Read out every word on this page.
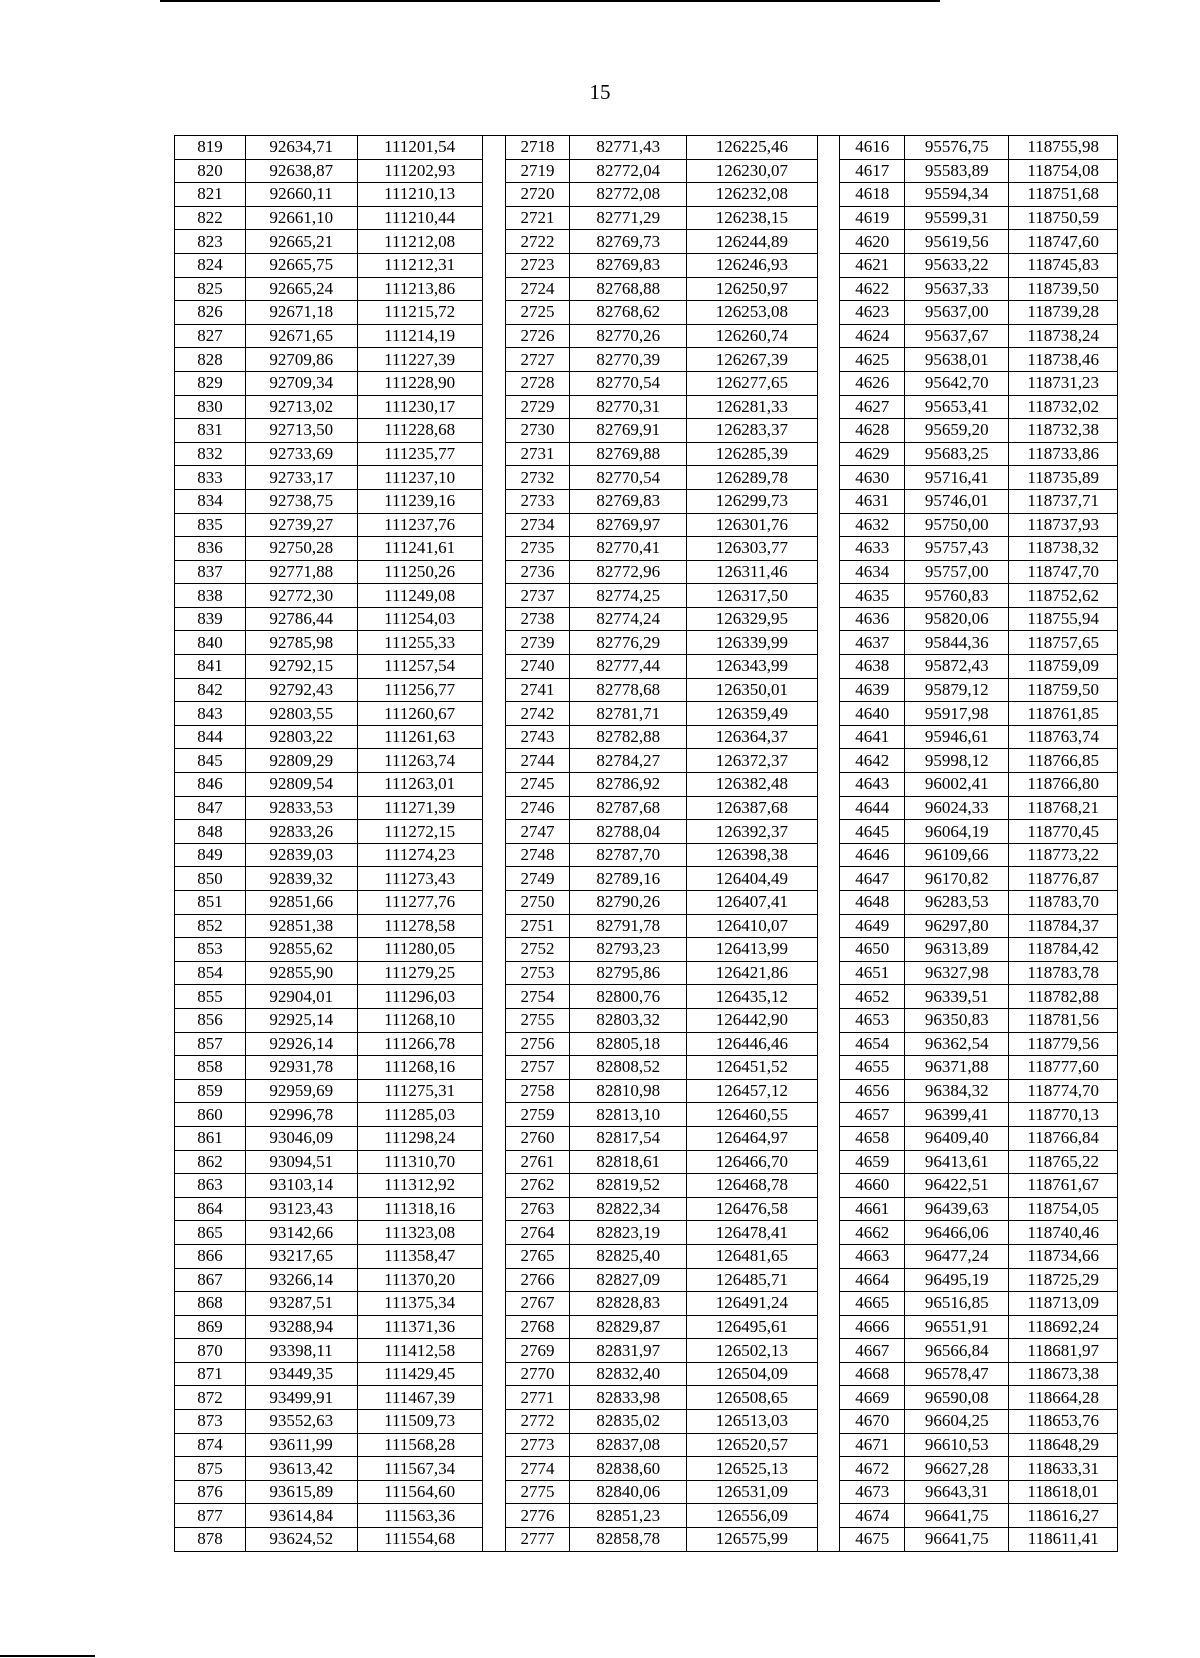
15
819	92634,71	111201,54		2718	82771,43	126225,46		4616	95576,75	118755,98
820	92638,87	111202,93		2719	82772,04	126230,07		4617	95583,89	118754,08
821	92660,11	111210,13		2720	82772,08	126232,08		4618	95594,34	118751,68
822	92661,10	111210,44		2721	82771,29	126238,15		4619	95599,31	118750,59
823	92665,21	111212,08		2722	82769,73	126244,89		4620	95619,56	118747,60
824	92665,75	111212,31		2723	82769,83	126246,93		4621	95633,22	118745,83
825	92665,24	111213,86		2724	82768,88	126250,97		4622	95637,33	118739,50
826	92671,18	111215,72		2725	82768,62	126253,08		4623	95637,00	118739,28
827	92671,65	111214,19		2726	82770,26	126260,74		4624	95637,67	118738,24
828	92709,86	111227,39		2727	82770,39	126267,39		4625	95638,01	118738,46
829	92709,34	111228,90		2728	82770,54	126277,65		4626	95642,70	118731,23
830	92713,02	111230,17		2729	82770,31	126281,33		4627	95653,41	118732,02
831	92713,50	111228,68		2730	82769,91	126283,37		4628	95659,20	118732,38
832	92733,69	111235,77		2731	82769,88	126285,39		4629	95683,25	118733,86
833	92733,17	111237,10		2732	82770,54	126289,78		4630	95716,41	118735,89
834	92738,75	111239,16		2733	82769,83	126299,73		4631	95746,01	118737,71
835	92739,27	111237,76		2734	82769,97	126301,76		4632	95750,00	118737,93
836	92750,28	111241,61		2735	82770,41	126303,77		4633	95757,43	118738,32
837	92771,88	111250,26		2736	82772,96	126311,46		4634	95757,00	118747,70
838	92772,30	111249,08		2737	82774,25	126317,50		4635	95760,83	118752,62
839	92786,44	111254,03		2738	82774,24	126329,95		4636	95820,06	118755,94
840	92785,98	111255,33		2739	82776,29	126339,99		4637	95844,36	118757,65
841	92792,15	111257,54		2740	82777,44	126343,99		4638	95872,43	118759,09
842	92792,43	111256,77		2741	82778,68	126350,01		4639	95879,12	118759,50
843	92803,55	111260,67		2742	82781,71	126359,49		4640	95917,98	118761,85
844	92803,22	111261,63		2743	82782,88	126364,37		4641	95946,61	118763,74
845	92809,29	111263,74		2744	82784,27	126372,37		4642	95998,12	118766,85
846	92809,54	111263,01		2745	82786,92	126382,48		4643	96002,41	118766,80
847	92833,53	111271,39		2746	82787,68	126387,68		4644	96024,33	118768,21
848	92833,26	111272,15		2747	82788,04	126392,37		4645	96064,19	118770,45
849	92839,03	111274,23		2748	82787,70	126398,38		4646	96109,66	118773,22
850	92839,32	111273,43		2749	82789,16	126404,49		4647	96170,82	118776,87
851	92851,66	111277,76		2750	82790,26	126407,41		4648	96283,53	118783,70
852	92851,38	111278,58		2751	82791,78	126410,07		4649	96297,80	118784,37
853	92855,62	111280,05		2752	82793,23	126413,99		4650	96313,89	118784,42
854	92855,90	111279,25		2753	82795,86	126421,86		4651	96327,98	118783,78
855	92904,01	111296,03		2754	82800,76	126435,12		4652	96339,51	118782,88
856	92925,14	111268,10		2755	82803,32	126442,90		4653	96350,83	118781,56
857	92926,14	111266,78		2756	82805,18	126446,46		4654	96362,54	118779,56
858	92931,78	111268,16		2757	82808,52	126451,52		4655	96371,88	118777,60
859	92959,69	111275,31		2758	82810,98	126457,12		4656	96384,32	118774,70
860	92996,78	111285,03		2759	82813,10	126460,55		4657	96399,41	118770,13
861	93046,09	111298,24		2760	82817,54	126464,97		4658	96409,40	118766,84
862	93094,51	111310,70		2761	82818,61	126466,70		4659	96413,61	118765,22
863	93103,14	111312,92		2762	82819,52	126468,78		4660	96422,51	118761,67
864	93123,43	111318,16		2763	82822,34	126476,58		4661	96439,63	118754,05
865	93142,66	111323,08		2764	82823,19	126478,41		4662	96466,06	118740,46
866	93217,65	111358,47		2765	82825,40	126481,65		4663	96477,24	118734,66
867	93266,14	111370,20		2766	82827,09	126485,71		4664	96495,19	118725,29
868	93287,51	111375,34		2767	82828,83	126491,24		4665	96516,85	118713,09
869	93288,94	111371,36		2768	82829,87	126495,61		4666	96551,91	118692,24
870	93398,11	111412,58		2769	82831,97	126502,13		4667	96566,84	118681,97
871	93449,35	111429,45		2770	82832,40	126504,09		4668	96578,47	118673,38
872	93499,91	111467,39		2771	82833,98	126508,65		4669	96590,08	118664,28
873	93552,63	111509,73		2772	82835,02	126513,03		4670	96604,25	118653,76
874	93611,99	111568,28		2773	82837,08	126520,57		4671	96610,53	118648,29
875	93613,42	111567,34		2774	82838,60	126525,13		4672	96627,28	118633,31
876	93615,89	111564,60		2775	82840,06	126531,09		4673	96643,31	118618,01
877	93614,84	111563,36		2776	82851,23	126556,09		4674	96641,75	118616,27
878	93624,52	111554,68		2777	82858,78	126575,99		4675	96641,75	118611,41
